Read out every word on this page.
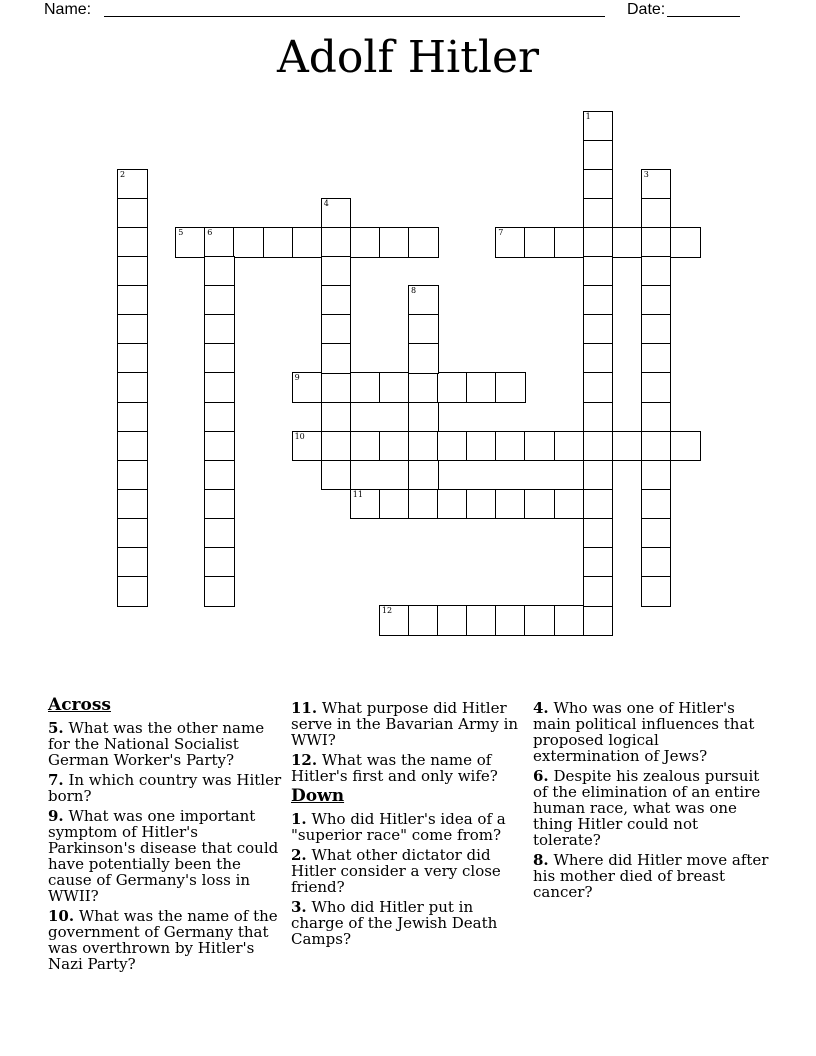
Name:	Date:
Adolf Hitler
5	6	7
9
10
11
12
1
2	3
4
8
Across

5. What was the other name for the National Socialist German Worker's Party?

7. In which country was Hitler born?

9. What was one important symptom of Hitler's Parkinson's disease that could have potentially been the cause of Germany's loss in WWII?

10. What was the name of the government of Germany that was overthrown by Hitler's Nazi Party?

11. What purpose did Hitler serve in the Bavarian Army in WWI?

12. What was the name of Hitler's first and only wife?

Down

1. Who did Hitler's idea of a "superior race" come from?

2. What other dictator did Hitler consider a very close friend?

3. Who did Hitler put in charge of the Jewish Death Camps?

4. Who was one of Hitler's main political influences that proposed logical extermination of Jews?

6. Despite his zealous pursuit of the elimination of an entire human race, what was one thing Hitler could not tolerate?

8. Where did Hitler move after his mother died of breast cancer?
